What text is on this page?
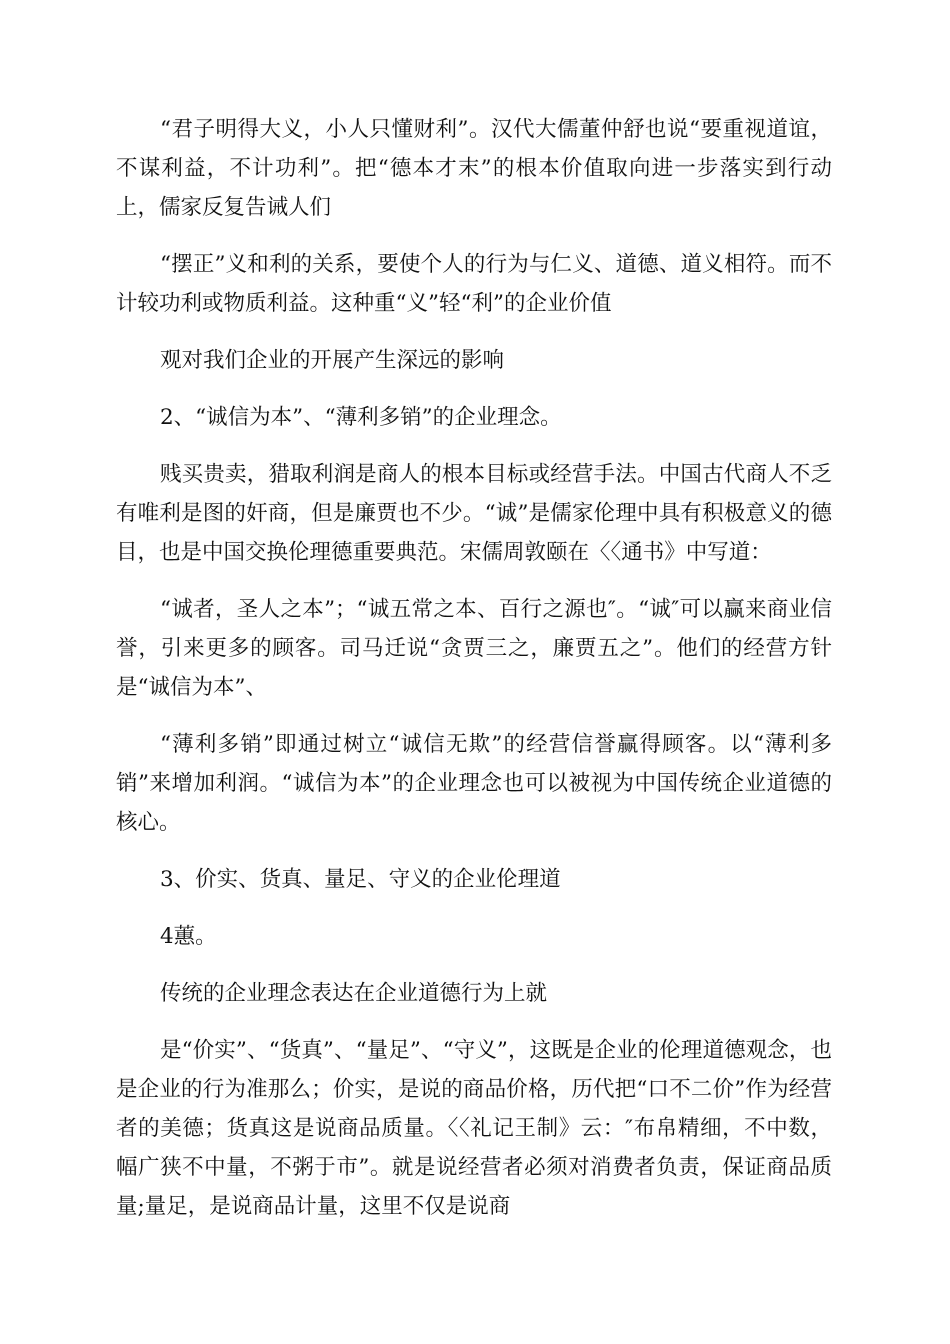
“君子明得大义，小人只懂财利”。汉代大儒董仲舒也说“要重视道谊，不谋利益，不计功利”。把“德本才末”的根本价值取向进一步落实到行动上，儒家反复告诫人们

“摆正”义和利的关系，要使个人的行为与仁义、道德、道义相符。而不计较功利或物质利益。这种重“义”轻“利”的企业价值

观对我们企业的开展产生深远的影响

2、“诚信为本”、“薄利多销”的企业理念。

贱买贵卖，猎取利润是商人的根本目标或经营手法。中国古代商人不乏有唯利是图的奸商，但是廉贾也不少。“诚”是儒家伦理中具有积极意义的德目，也是中国交换伦理德重要典范。宋儒周敦颐在〈〈通书》中写道：

“诚者，圣人之本”；“诚五常之本、百行之源也″。“诚″可以赢来商业信誉，引来更多的顾客。司马迁说“贪贾三之，廉贾五之”。他们的经营方针是“诚信为本”、

“薄利多销”即通过树立“诚信无欺”的经营信誉赢得顾客。以“薄利多销”来增加利润。“诚信为本”的企业理念也可以被视为中国传统企业道德的核心。

3、价实、货真、量足、守义的企业伦理道

4蕙。

传统的企业理念表达在企业道德行为上就

是“价实”、“货真”、“量足”、“守义”，这既是企业的伦理道德观念，也是企业的行为准那么；价实，是说的商品价格，历代把“口不二价”作为经营者的美德；货真这是说商品质量。〈〈礼记王制》云：″布帛精细，不中数，幅广狭不中量，不粥于市”。就是说经营者必须对消费者负责，保证商品质量;量足，是说商品计量，这里不仅是说商
